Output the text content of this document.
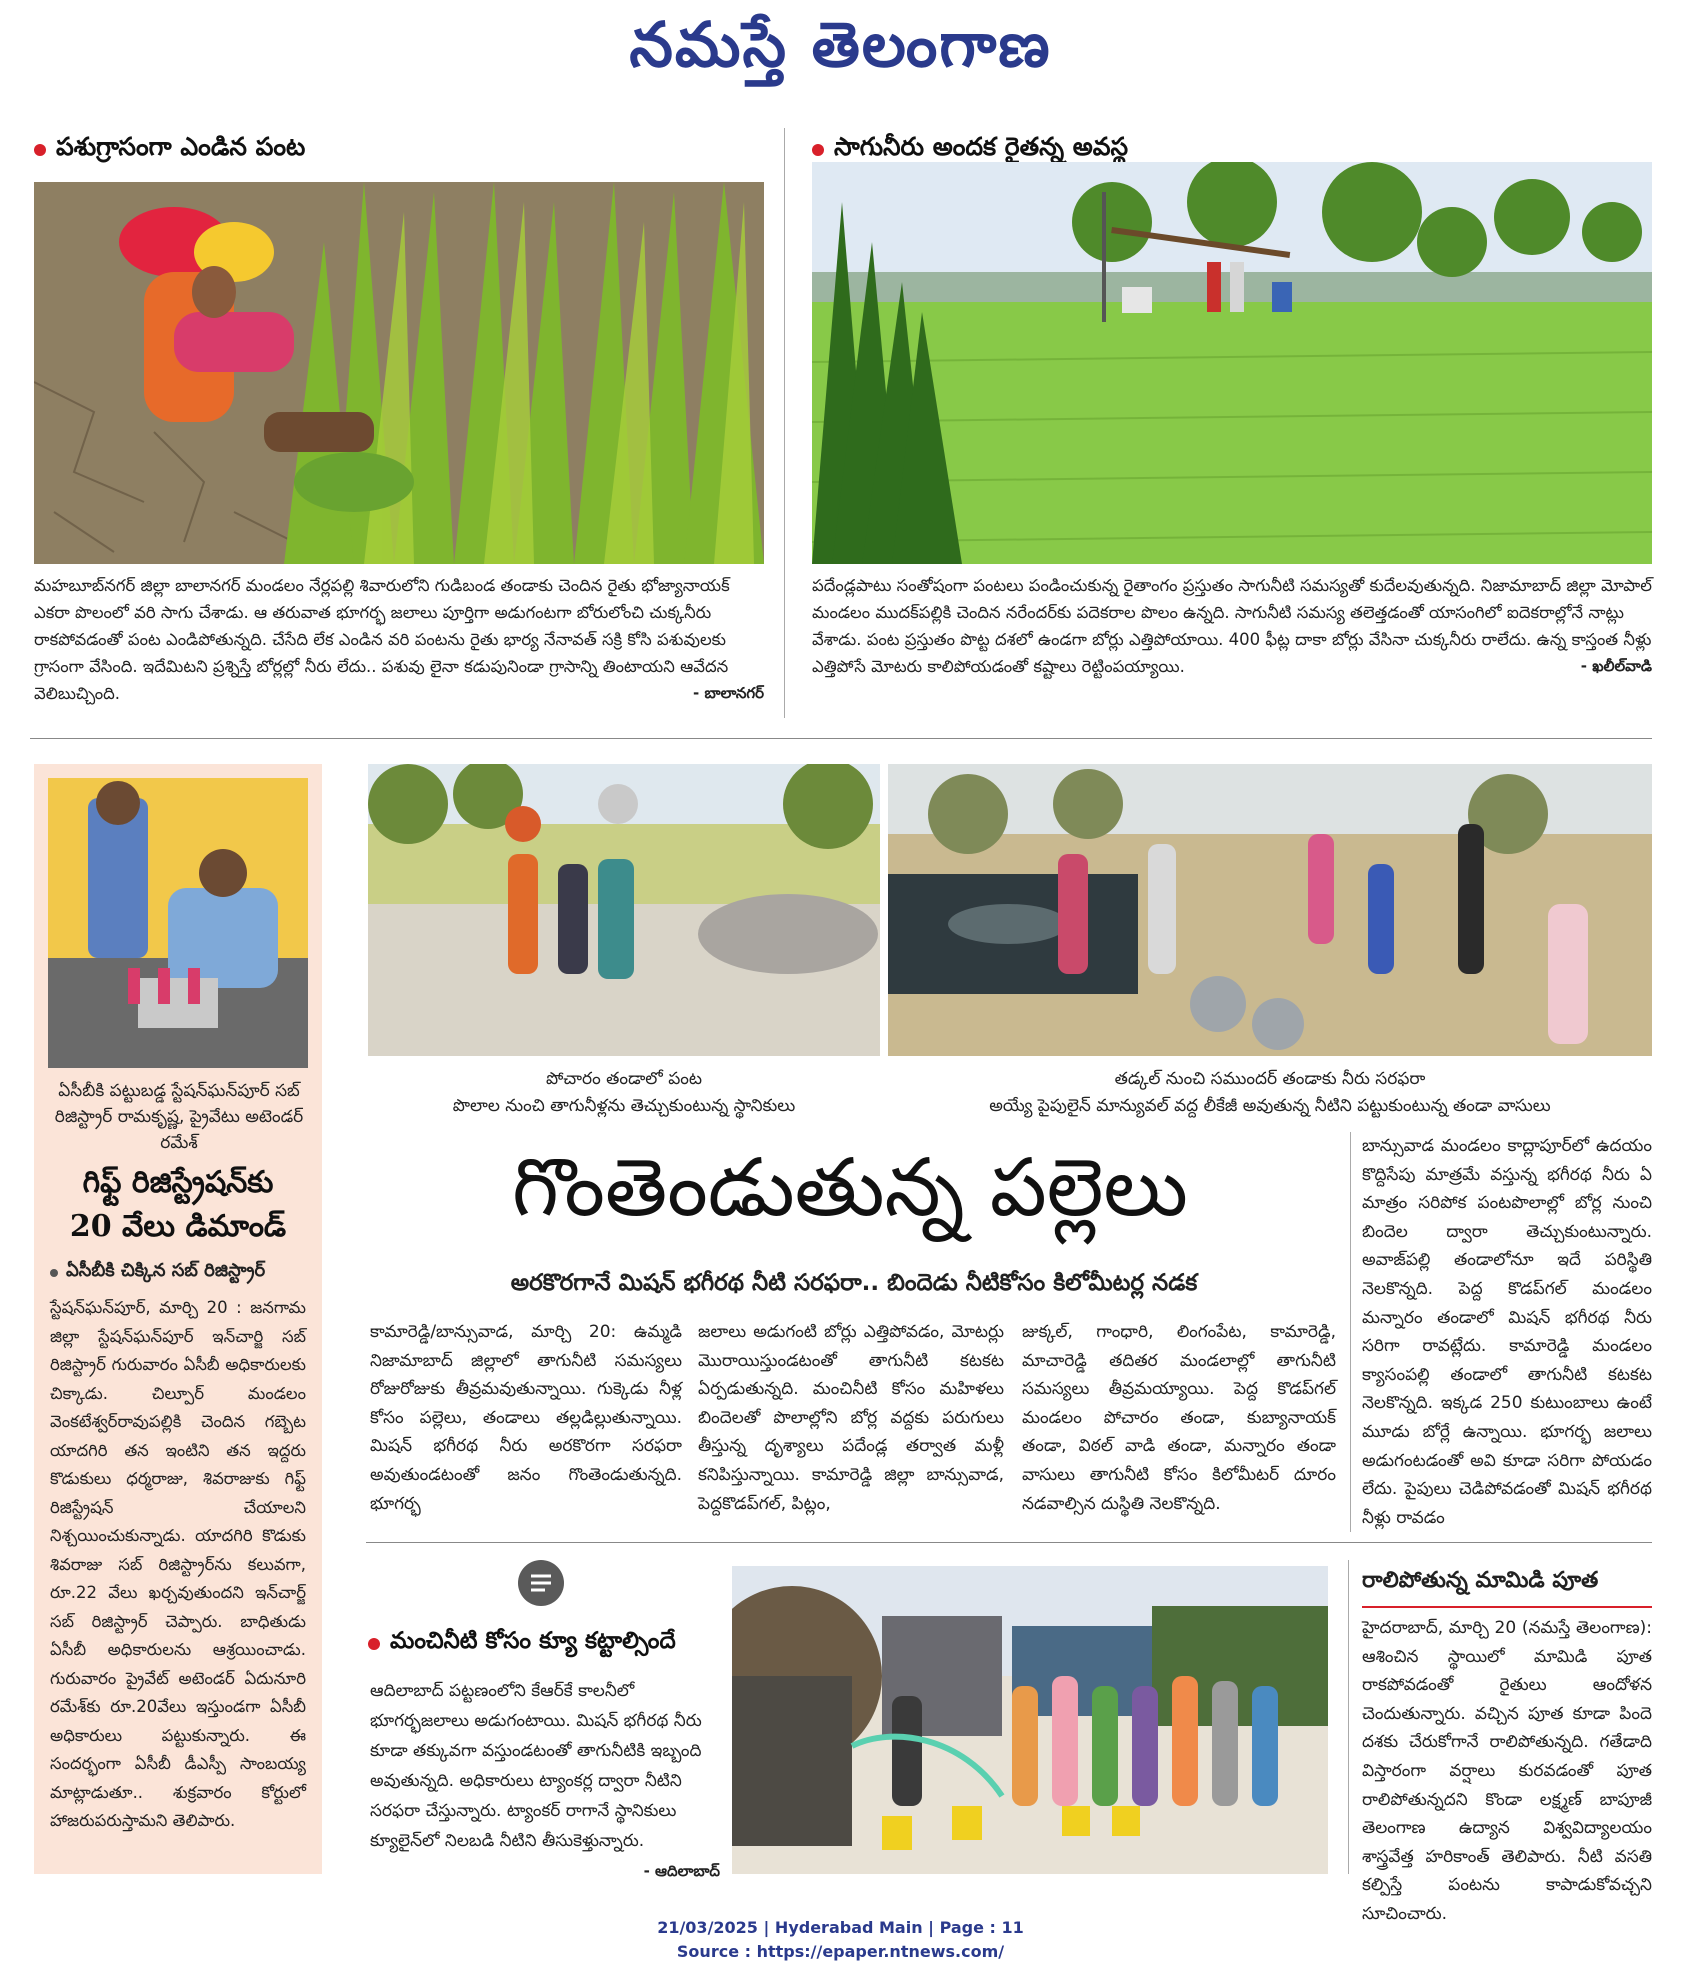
నమస్తే తెలంగాణ
పశుగ్రాసంగా ఎండిన పంట
మహబూబ్‌నగర్ జిల్లా బాలానగర్ మండలం నేర్లపల్లి శివారులోని గుడిబండ తండాకు చెందిన రైతు భోజ్యానాయక్ ఎకరా పొలంలో వరి సాగు చేశాడు. ఆ తరువాత భూగర్భ జలాలు పూర్తిగా అడుగంటగా బోరులోంచి చుక్కనీరు రాకపోవడంతో పంట ఎండిపోతున్నది. చేసేది లేక ఎండిన వరి పంటను రైతు భార్య నేనావత్ సక్రి కోసి పశువులకు గ్రాసంగా వేసింది. ఇదేమిటని ప్రశ్నిస్తే బోర్లల్లో నీరు లేదు.. పశువు లైనా కడుపునిండా గ్రాసాన్ని తింటాయని ఆవేదన వెలిబుచ్చింది.	- బాలానగర్
సాగునీరు అందక రైతన్న అవస్థ
పదేండ్లపాటు సంతోషంగా పంటలు పండించుకున్న రైతాంగం ప్రస్తుతం సాగునీటి సమస్యతో కుదేలవుతున్నది. నిజామాబాద్ జిల్లా మోపాల్ మండలం ముదక్‌పల్లికి చెందిన నరేందర్‌కు పదెకరాల పొలం ఉన్నది. సాగునీటి సమస్య తలెత్తడంతో యాసంగిలో ఐదెకరాల్లోనే నాట్లు వేశాడు. పంట ప్రస్తుతం పొట్ట దశలో ఉండగా బోర్లు ఎత్తిపోయాయి. 400 ఫీట్ల దాకా బోర్లు వేసినా చుక్కనీరు రాలేదు. ఉన్న కాస్తంత నీళ్లు ఎత్తిపోసే మోటరు కాలిపోయడంతో కష్టాలు రెట్టింపయ్యాయి.	- ఖలీల్‌వాడి
ఏసీబీకి పట్టుబడ్డ స్టేషన్‌ఘన్‌పూర్ సబ్ రిజిస్ట్రార్ రామకృష్ణ, ప్రైవేటు అటెండర్ రమేశ్
గిఫ్ట్ రిజిస్ట్రేషన్‌కు
20 వేలు డిమాండ్
ఏసీబీకి చిక్కిన సబ్ రిజిస్ట్రార్
స్టేషన్‌ఘన్‌పూర్, మార్చి 20 : జనగామ జిల్లా స్టేషన్‌ఘన్‌పూర్ ఇన్‌చార్జి సబ్ రిజిస్ట్రార్ గురువారం ఏసీబీ అధికారులకు చిక్కాడు. చిల్పూర్ మండలం వెంకటేశ్వర్‌రావుపల్లికి చెందిన గబ్బెట యాదగిరి తన ఇంటిని తన ఇద్దరు కొడుకులు ధర్మరాజు, శివరాజుకు గిఫ్ట్ రిజిస్ట్రేషన్ చేయాలని నిశ్చయించుకున్నాడు. యాదగిరి కొడుకు శివరాజు సబ్ రిజిస్ట్రార్‌ను కలువగా, రూ.22 వేలు ఖర్చవుతుందని ఇన్‌చార్జ్ సబ్ రిజిస్ట్రార్ చెప్పారు. బాధితుడు ఏసీబీ అధికారులను ఆశ్రయించాడు. గురువారం ప్రైవేట్ అటెండర్ ఏదునూరి రమేశ్‌కు రూ.20వేలు ఇస్తుండగా ఏసీబీ అధికారులు పట్టుకున్నారు. ఈ సందర్భంగా ఏసీబీ డీఎస్పీ సాంబయ్య మాట్లాడుతూ.. శుక్రవారం కోర్టులో హాజరుపరుస్తామని తెలిపారు.
పోచారం తండాలో పంట
పొలాల నుంచి తాగునీళ్లను తెచ్చుకుంటున్న స్థానికులు
తడ్కల్ నుంచి సముందర్ తండాకు నీరు సరఫరా
అయ్యే పైపులైన్ మాన్యువల్ వద్ద లీకేజీ అవుతున్న నీటిని పట్టుకుంటున్న తండా వాసులు
గొంతెండుతున్న పల్లెలు
అరకొరగానే మిషన్ భగీరథ నీటి సరఫరా.. బిందెడు నీటికోసం కిలోమీటర్ల నడక
కామారెడ్డి/బాన్సువాడ, మార్చి 20: ఉమ్మడి నిజామాబాద్ జిల్లాలో తాగునీటి సమస్యలు రోజురోజుకు తీవ్రమవుతున్నాయి. గుక్కెడు నీళ్ల కోసం పల్లెలు, తండాలు తల్లడిల్లుతున్నాయి. మిషన్ భగీరథ నీరు అరకొరగా సరఫరా అవుతుండటంతో జనం గొంతెండుతున్నది. భూగర్భ
జలాలు అడుగంటి బోర్లు ఎత్తిపోవడం, మోటర్లు మొరాయిస్తుండటంతో తాగునీటి కటకట ఏర్పడుతున్నది. మంచినీటి కోసం మహిళలు బిందెలతో పొలాల్లోని బోర్ల వద్దకు పరుగులు తీస్తున్న దృశ్యాలు పదేండ్ల తర్వాత మళ్లీ కనిపిస్తున్నాయి. కామారెడ్డి జిల్లా బాన్సువాడ, పెద్దకొడప్‌గల్, పిట్లం,
జుక్కల్, గాంధారి, లింగంపేట, కామారెడ్డి, మాచారెడ్డి తదితర మండలాల్లో తాగునీటి సమస్యలు తీవ్రమయ్యాయి. పెద్ద కొడప్‌గల్ మండలం పోచారం తండా, కుబ్యానాయక్ తండా, విఠల్ వాడి తండా, మన్నారం తండా వాసులు తాగునీటి కోసం కిలోమీటర్ దూరం నడవాల్సిన దుస్థితి నెలకొన్నది.
బాన్సువాడ మండలం కాద్లాపూర్‌లో ఉదయం కొద్దిసేపు మాత్రమే వస్తున్న భగీరథ నీరు ఏ మాత్రం సరిపోక పంటపొలాల్లో బోర్ల నుంచి బిందెల ద్వారా తెచ్చుకుంటున్నారు. అవాజ్‌పల్లి తండాలోనూ ఇదే పరిస్థితి నెలకొన్నది. పెద్ద కొడప్‌గల్ మండలం మన్నారం తండాలో మిషన్ భగీరథ నీరు సరిగా రావట్లేదు. కామారెడ్డి మండలం క్యాసంపల్లి తండాలో తాగునీటి కటకట నెలకొన్నది. ఇక్కడ 250 కుటుంబాలు ఉంటే మూడు బోర్లే ఉన్నాయి. భూగర్భ జలాలు అడుగంటడంతో అవి కూడా సరిగా పోయడం లేదు. పైపులు చెడిపోవడంతో మిషన్ భగీరథ నీళ్లు రావడం
మంచినీటి కోసం క్యూ కట్టాల్సిందే
ఆదిలాబాద్ పట్టణంలోని కేఆర్‌కే కాలనీలో భూగర్భజలాలు అడుగంటాయి. మిషన్ భగీరథ నీరు కూడా తక్కువగా వస్తుండటంతో తాగునీటికి ఇబ్బంది అవుతున్నది. అధికారులు ట్యాంకర్ల ద్వారా నీటిని సరఫరా చేస్తున్నారు. ట్యాంకర్ రాగానే స్థానికులు క్యూలైన్‌లో నిలబడి నీటిని తీసుకెళ్తున్నారు.
- ఆదిలాబాద్
రాలిపోతున్న మామిడి పూత
హైదరాబాద్, మార్చి 20 (నమస్తే తెలంగాణ): ఆశించిన స్థాయిలో మామిడి పూత రాకపోవడంతో రైతులు ఆందోళన చెందుతున్నారు. వచ్చిన పూత కూడా పిందె దశకు చేరుకోగానే రాలిపోతున్నది. గతేడాది విస్తారంగా వర్షాలు కురవడంతో పూత రాలిపోతున్నదని కొండా లక్ష్మణ్ బాపూజీ తెలంగాణ ఉద్యాన విశ్వవిద్యాలయం శాస్త్రవేత్త హరికాంత్ తెలిపారు. నీటి వసతి కల్పిస్తే పంటను కాపాడుకోవచ్చని సూచించారు.
21/03/2025 | Hyderabad Main | Page : 11
Source : https://epaper.ntnews.com/
